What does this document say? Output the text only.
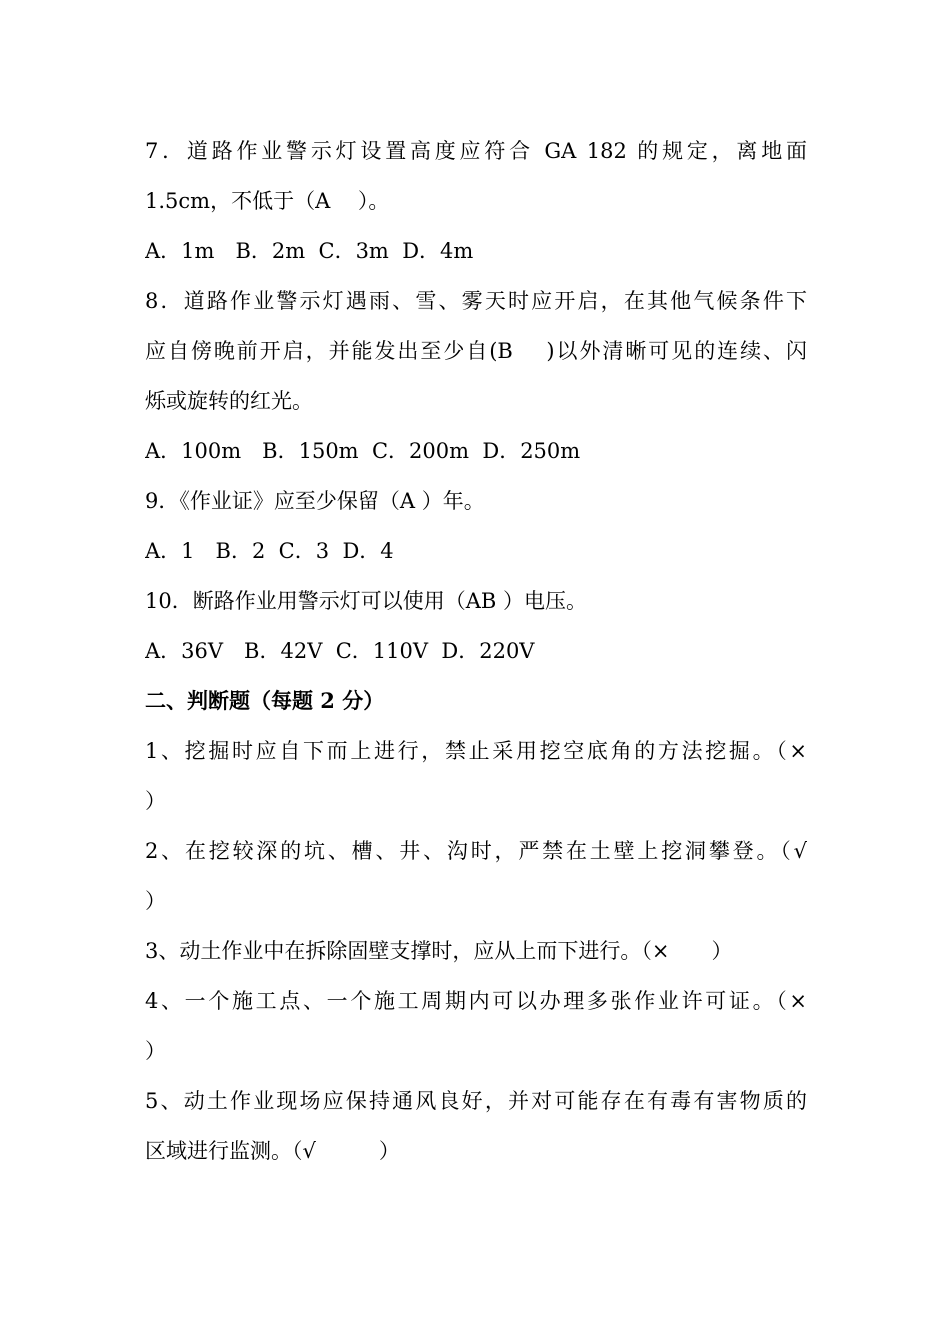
7．道路作业警示灯设置高度应符合 GA 182 的规定，离地面
1.5cm，不低于（A　 ）。
A．1m　B．2m  C．3m  D．4m
8．道路作业警示灯遇雨、雪、雾天时应开启，在其他气候条件下
应自傍晚前开启，并能发出至少自(B　 )以外清晰可见的连续、闪
烁或旋转的红光。
A．100m　B．150m  C．200m  D．250m
9．《作业证》应至少保留（A ）年。
A．1　B．2  C．3  D．4
10．断路作业用警示灯可以使用（AB ）电压。
A．36V　B．42V  C．110V  D．220V
二、判断题（每题 2 分）
1、挖掘时应自下而上进行，禁止采用挖空底角的方法挖掘。（×
）
2、在挖较深的坑、槽、井、沟时，严禁在土壁上挖洞攀登。（√
）
3、动土作业中在拆除固壁支撑时，应从上而下进行。（×　　）
4、一个施工点、一个施工周期内可以办理多张作业许可证。（×
）
5、动土作业现场应保持通风良好，并对可能存在有毒有害物质的
区域进行监测。（√　　　）
